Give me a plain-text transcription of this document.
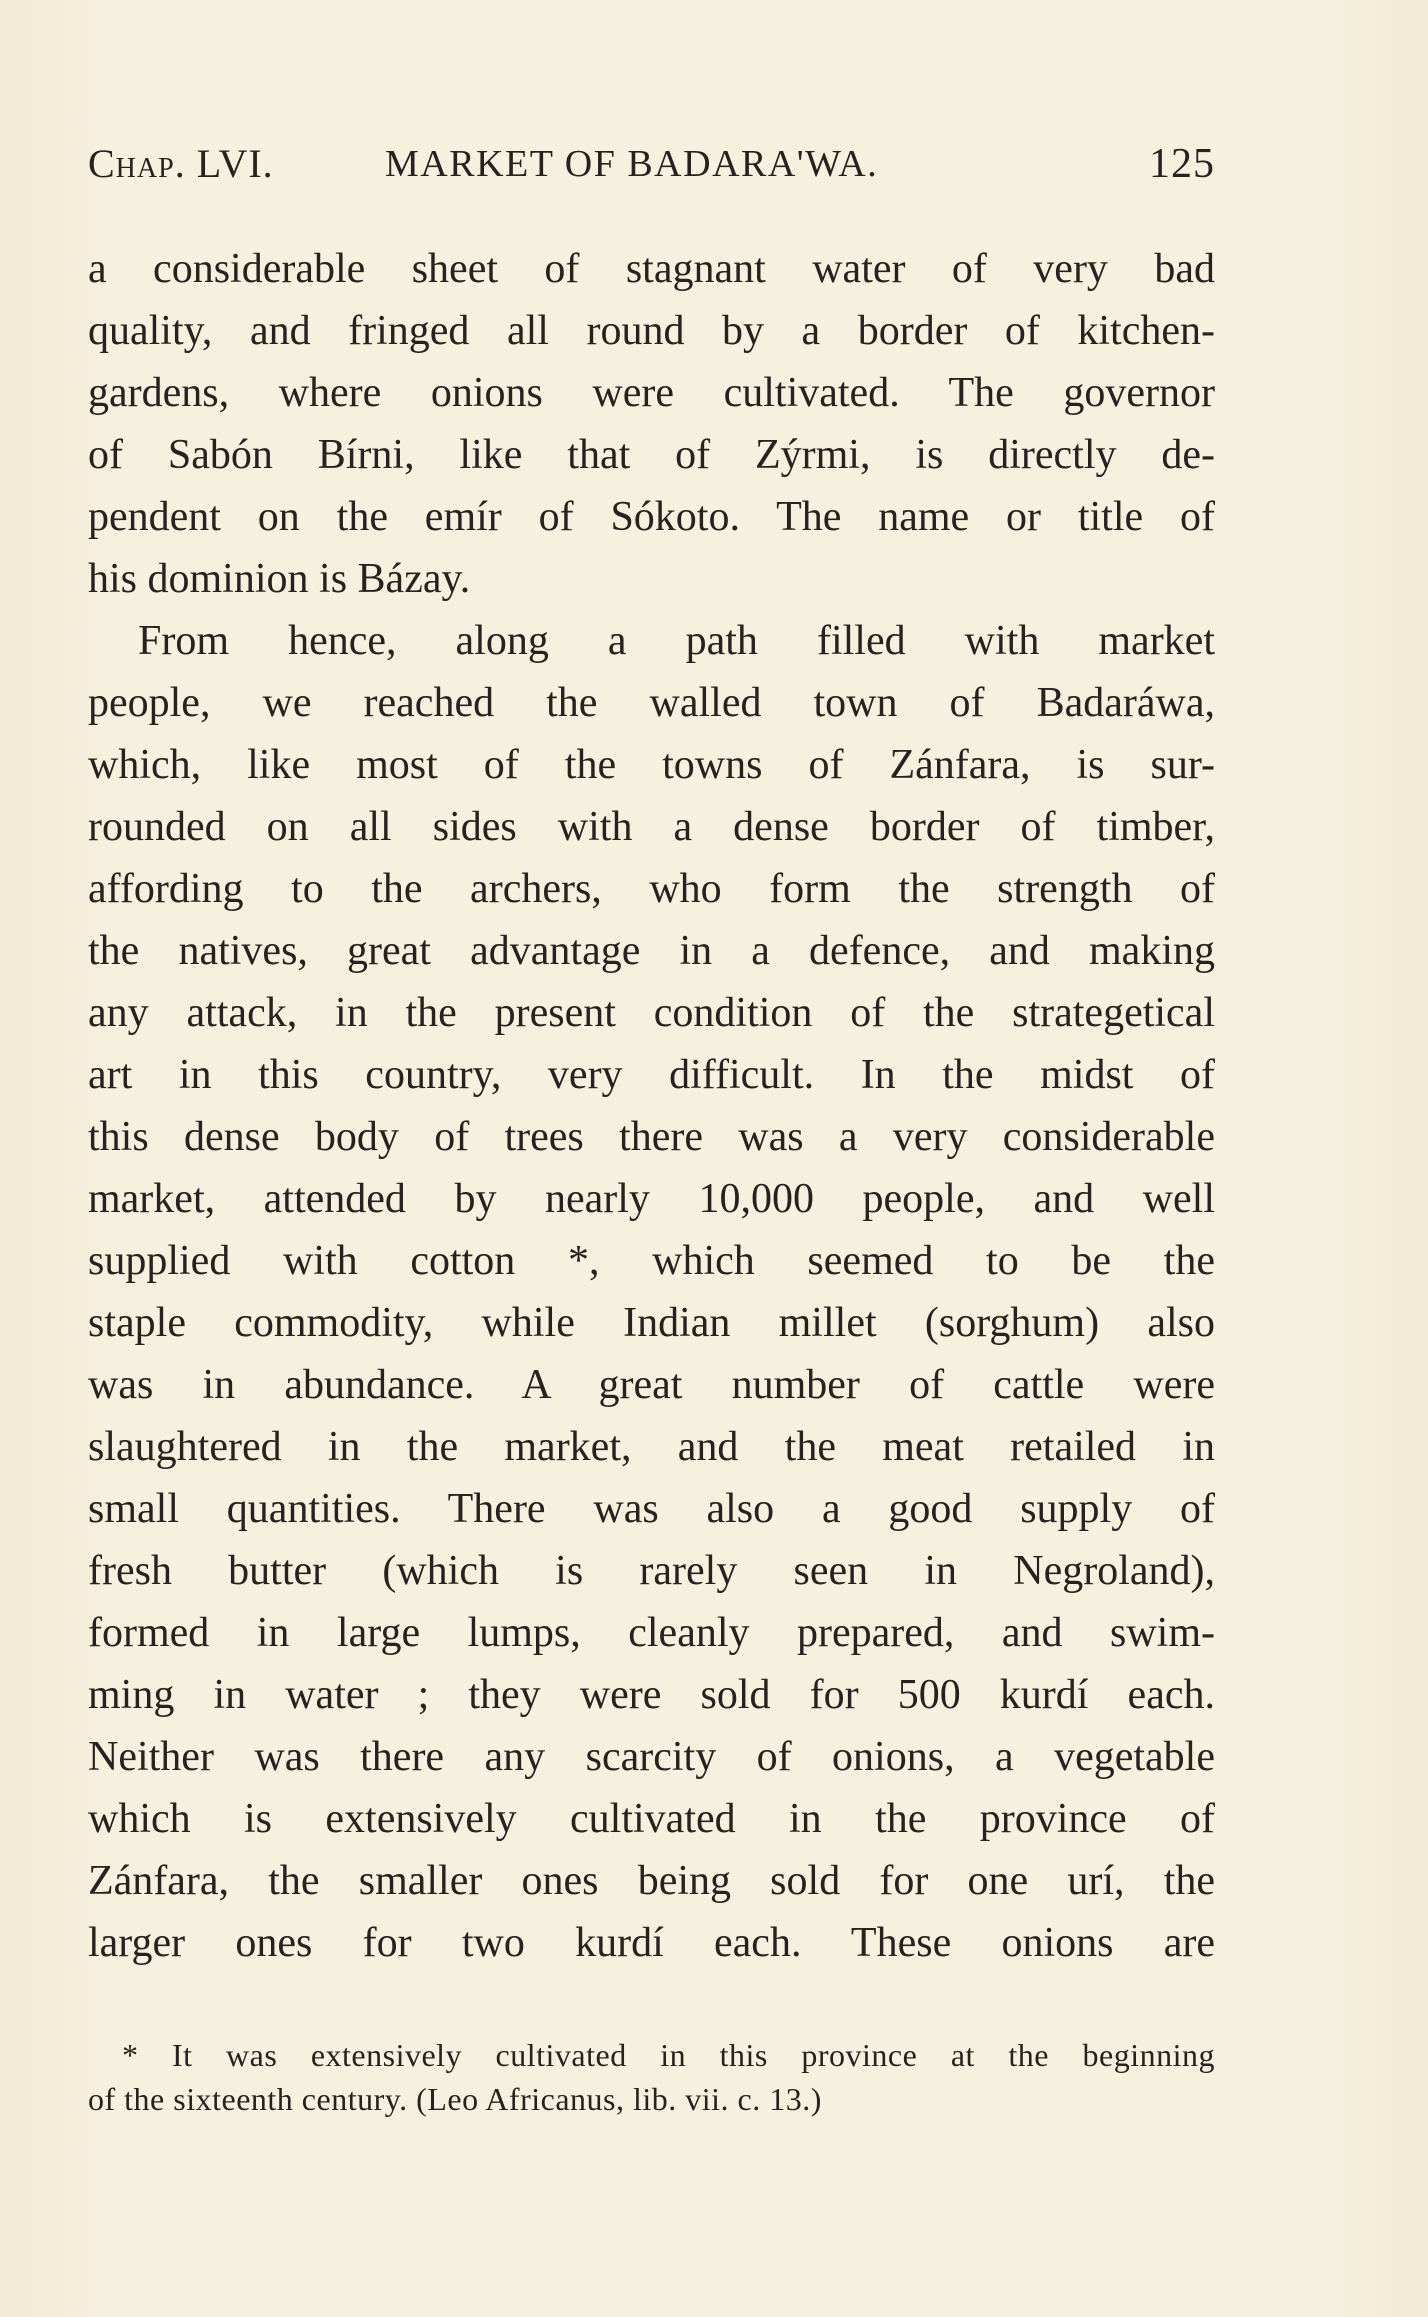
Chap. LVI.	MARKET OF BADARA'WA.	125
a considerable sheet of stagnant water of very bad
quality, and fringed all round by a border of kitchen-
gardens, where onions were cultivated. The governor
of Sabón Bírni, like that of Zýrmi, is directly de-
pendent on the emír of Sókoto. The name or title of
his dominion is Bázay.
From hence, along a path filled with market
people, we reached the walled town of Badaráwa,
which, like most of the towns of Zánfara, is sur-
rounded on all sides with a dense border of timber,
affording to the archers, who form the strength of
the natives, great advantage in a defence, and making
any attack, in the present condition of the strategetical
art in this country, very difficult. In the midst of
this dense body of trees there was a very considerable
market, attended by nearly 10,000 people, and well
supplied with cotton *, which seemed to be the
staple commodity, while Indian millet (sorghum) also
was in abundance. A great number of cattle were
slaughtered in the market, and the meat retailed in
small quantities. There was also a good supply of
fresh butter (which is rarely seen in Negroland),
formed in large lumps, cleanly prepared, and swim-
ming in water ; they were sold for 500 kurdí each.
Neither was there any scarcity of onions, a vegetable
which is extensively cultivated in the province of
Zánfara, the smaller ones being sold for one urí, the
larger ones for two kurdí each. These onions are
* It was extensively cultivated in this province at the beginning
of the sixteenth century. (Leo Africanus, lib. vii. c. 13.)
